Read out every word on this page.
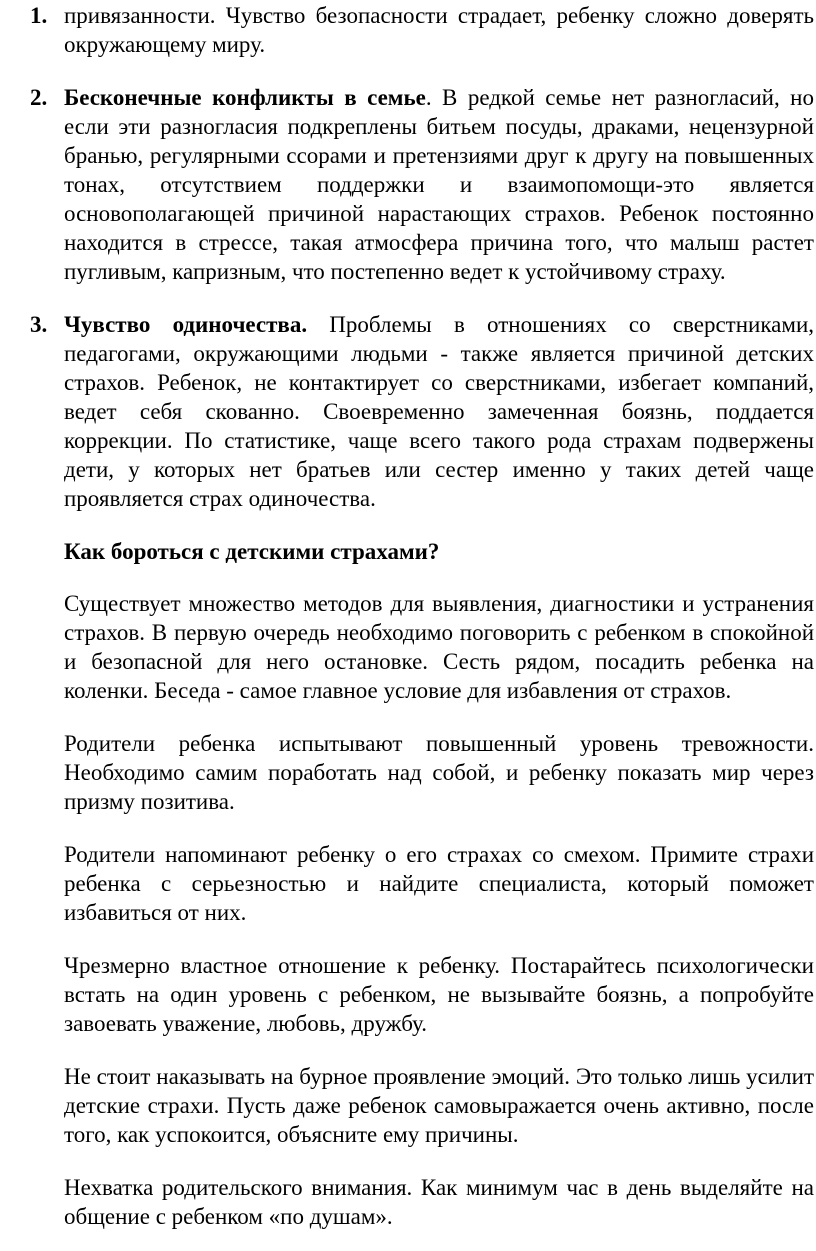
1. привязанности. Чувство безопасности страдает, ребенку сложно доверять окружающему миру.
2. Бесконечные конфликты в семье. В редкой семье нет разногласий, но если эти разногласия подкреплены битьем посуды, драками, нецензурной бранью, регулярными ссорами и претензиями друг к другу на повышенных тонах, отсутствием поддержки и взаимопомощи-это является основополагающей причиной нарастающих страхов. Ребенок постоянно находится в стрессе, такая атмосфера причина того, что малыш растет пугливым, капризным, что постепенно ведет к устойчивому страху.
3. Чувство одиночества. Проблемы в отношениях со сверстниками, педагогами, окружающими людьми - также является причиной детских страхов. Ребенок, не контактирует со сверстниками, избегает компаний, ведет себя скованно. Своевременно замеченная боязнь, поддается коррекции. По статистике, чаще всего такого рода страхам подвержены дети, у которых нет братьев или сестер именно у таких детей чаще проявляется страх одиночества.

Как бороться с детскими страхами?

Существует множество методов для выявления, диагностики и устранения страхов. В первую очередь необходимо поговорить с ребенком в спокойной и безопасной для него остановке. Сесть рядом, посадить ребенка на коленки. Беседа - самое главное условие для избавления от страхов.

Родители ребенка испытывают повышенный уровень тревожности. Необходимо самим поработать над собой, и ребенку показать мир через призму позитива.

Родители напоминают ребенку о его страхах со смехом. Примите страхи ребенка с серьезностью и найдите специалиста, который поможет избавиться от них.

Чрезмерно властное отношение к ребенку. Постарайтесь психологически встать на один уровень с ребенком, не вызывайте боязнь, а попробуйте завоевать уважение, любовь, дружбу.

Не стоит наказывать на бурное проявление эмоций. Это только лишь усилит детские страхи. Пусть даже ребенок самовыражается очень активно, после того, как успокоится, объясните ему причины.

Нехватка родительского внимания. Как минимум час в день выделяйте на общение с ребенком «по душам».
